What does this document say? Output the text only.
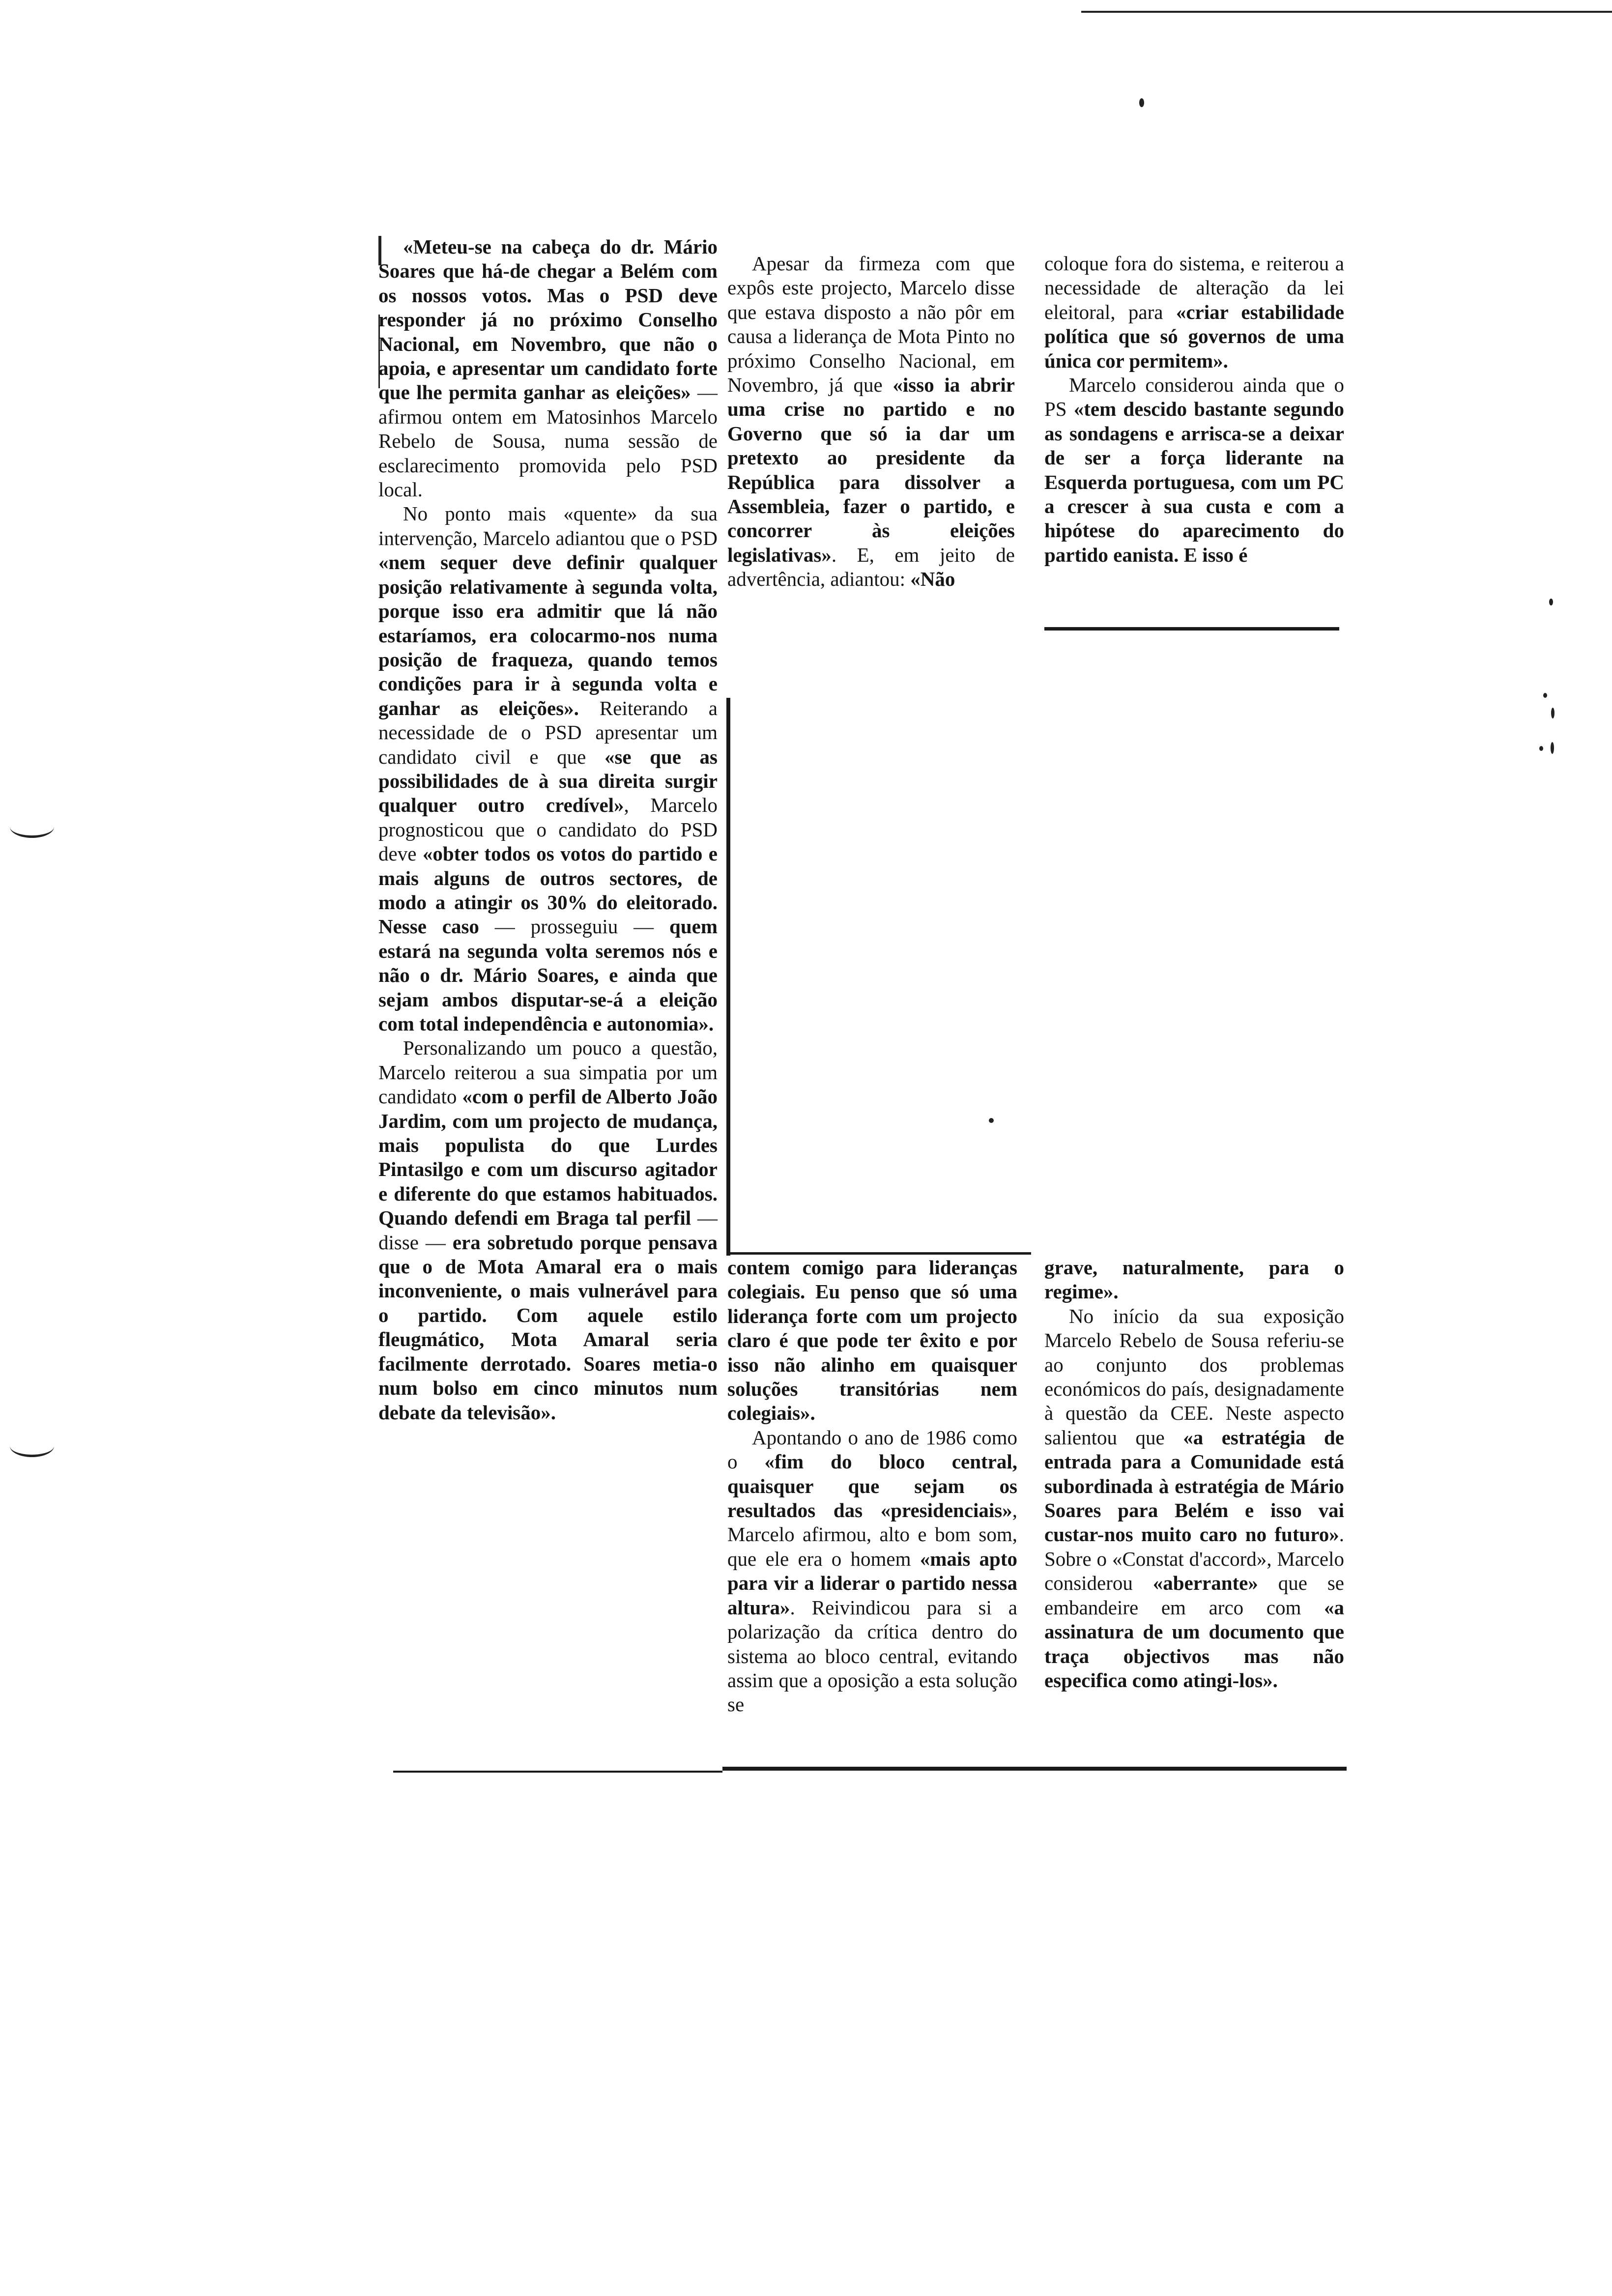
«Meteu-se na cabeça do dr. Mário Soares que há-de chegar a Belém com os nossos votos. Mas o PSD deve responder já no próximo Conselho Nacional, em Novembro, que não o apoia, e apresentar um candidato forte que lhe permita ganhar as eleições» — afirmou ontem em Matosinhos Marcelo Rebelo de Sousa, numa sessão de esclarecimento promovida pelo PSD local.

No ponto mais «quente» da sua intervenção, Marcelo adiantou que o PSD «nem sequer deve definir qualquer posição relativamente à segunda volta, porque isso era admitir que lá não estaríamos, era colocarmo-nos numa posição de fraqueza, quando temos condições para ir à segunda volta e ganhar as eleições». Reiterando a necessidade de o PSD apresentar um candidato civil e que «se que as possibilidades de à sua direita surgir qualquer outro credível», Marcelo prognosticou que o candidato do PSD deve «obter todos os votos do partido e mais alguns de outros sectores, de modo a atingir os 30% do eleitorado. Nesse caso — prosseguiu — quem estará na segunda volta seremos nós e não o dr. Mário Soares, e ainda que sejam ambos disputar-se-á a eleição com total independência e autonomia».

Personalizando um pouco a questão, Marcelo reiterou a sua simpatia por um candidato «com o perfil de Alberto João Jardim, com um projecto de mudança, mais populista do que Lurdes Pintasilgo e com um discurso agitador e diferente do que estamos habituados. Quando defendi em Braga tal perfil — disse — era sobretudo porque pensava que o de Mota Amaral era o mais inconveniente, o mais vulnerável para o partido. Com aquele estilo fleugmático, Mota Amaral seria facilmente derrotado. Soares metia-o num bolso em cinco minutos num debate da televisão».

Apesar da firmeza com que expôs este projecto, Marcelo disse que estava disposto a não pôr em causa a liderança de Mota Pinto no próximo Conselho Nacional, em Novembro, já que «isso ia abrir uma crise no partido e no Governo que só ia dar um pretexto ao presidente da República para dissolver a Assembleia, fazer o partido, e concorrer às eleições legislativas». E, em jeito de advertência, adiantou: «Não

coloque fora do sistema, e reiterou a necessidade de alteração da lei eleitoral, para «criar estabilidade política que só governos de uma única cor permitem».

Marcelo considerou ainda que o PS «tem descido bastante segundo as sondagens e arrisca-se a deixar de ser a força liderante na Esquerda portuguesa, com um PC a crescer à sua custa e com a hipótese do aparecimento do partido eanista. E isso é

contem comigo para lideranças colegiais. Eu penso que só uma liderança forte com um projecto claro é que pode ter êxito e por isso não alinho em quaisquer soluções transitórias nem colegiais».

Apontando o ano de 1986 como o «fim do bloco central, quaisquer que sejam os resultados das «presidenciais», Marcelo afirmou, alto e bom som, que ele era o homem «mais apto para vir a liderar o partido nessa altura». Reivindicou para si a polarização da crítica dentro do sistema ao bloco central, evitando assim que a oposição a esta solução se

grave, naturalmente, para o regime».

No início da sua exposição Marcelo Rebelo de Sousa referiu-se ao conjunto dos problemas económicos do país, designadamente à questão da CEE. Neste aspecto salientou que «a estratégia de entrada para a Comunidade está subordinada à estratégia de Mário Soares para Belém e isso vai custar-nos muito caro no futuro». Sobre o «Constat d'accord», Marcelo considerou «aberrante» que se embandeire em arco com «a assinatura de um documento que traça objectivos mas não especifica como atingi-los».
